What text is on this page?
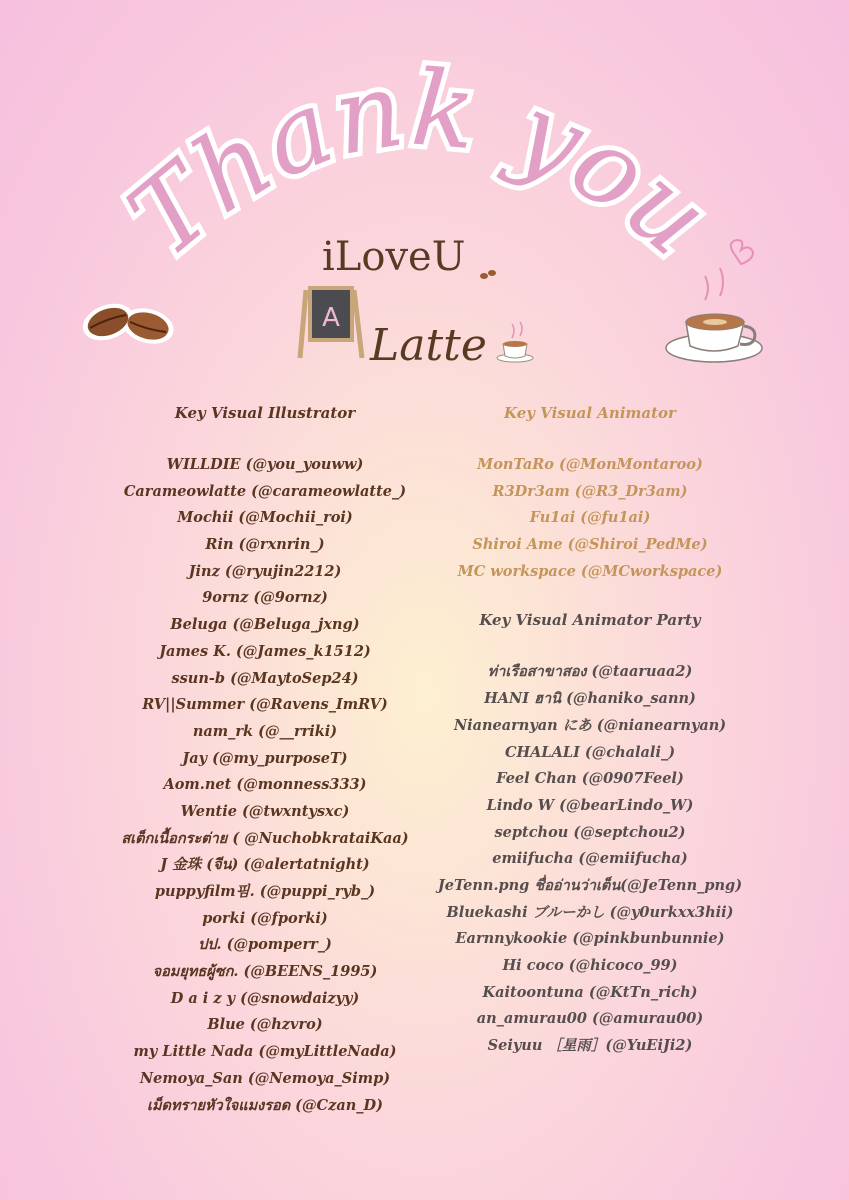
Thank you
iLoveU
A
Latte
Key Visual Illustrator
WILLDIE (@you_youww)
Carameowlatte (@carameowlatte_)
Mochii (@Mochii_roi)
Rin (@rxnrin_)
Jinz (@ryujin2212)
9ornz (@9ornz)
Beluga (@Beluga_jxng)
James K. (@James_k1512)
ssun-b (@MaytoSep24)
RV||Summer (@Ravens_ImRV)
nam_rk (@__rriki)
Jay (@my_purposeT)
Aom.net (@monness333)
Wentie (@twxntysxc)
สเต็กเนื้อกระต่าย ( @NuchobkrataiKaa)
J 金珠 (จีน) (@alertatnight)
puppyfilm핌. (@puppi_ryb_)
porki (@fporki)
ปป. (@pomperr_)
จอมยุทธผู้ซก. (@BEENS_1995)
D a i z y (@snowdaizyy)
Blue (@hzvro)
my Little Nada (@myLittleNada)
Nemoya_San (@Nemoya_Simp)
เม็ดทรายหัวใจแมงรอด (@Czan_D)
Key Visual Animator
MonTaRo (@MonMontaroo)
R3Dr3am (@R3_Dr3am)
Fu1ai (@fu1ai)
Shiroi Ame (@Shiroi_PedMe)
MC workspace (@MCworkspace)
Key Visual Animator Party
ท่าเรือสาขาสอง (@taaruaa2)
HANI ฮานิ (@haniko_sann)
Nianearnyan にあ (@nianearnyan)
CHALALI (@chalali_)
Feel Chan (@0907Feel)
Lindo W (@bearLindo_W)
septchou (@septchou2)
emiifucha (@emiifucha)
JeTenn.png ชื่ออ่านว่าเต็น(@JeTenn_png)
Bluekashi ブルーかし (@y0urkxx3hii)
Earnnykookie (@pinkbunbunnie)
Hi coco (@hicoco_99)
Kaitoontuna (@KtTn_rich)
an_amurau00 (@amurau00)
Seiyuu ［星雨］(@YuEiJi2)
